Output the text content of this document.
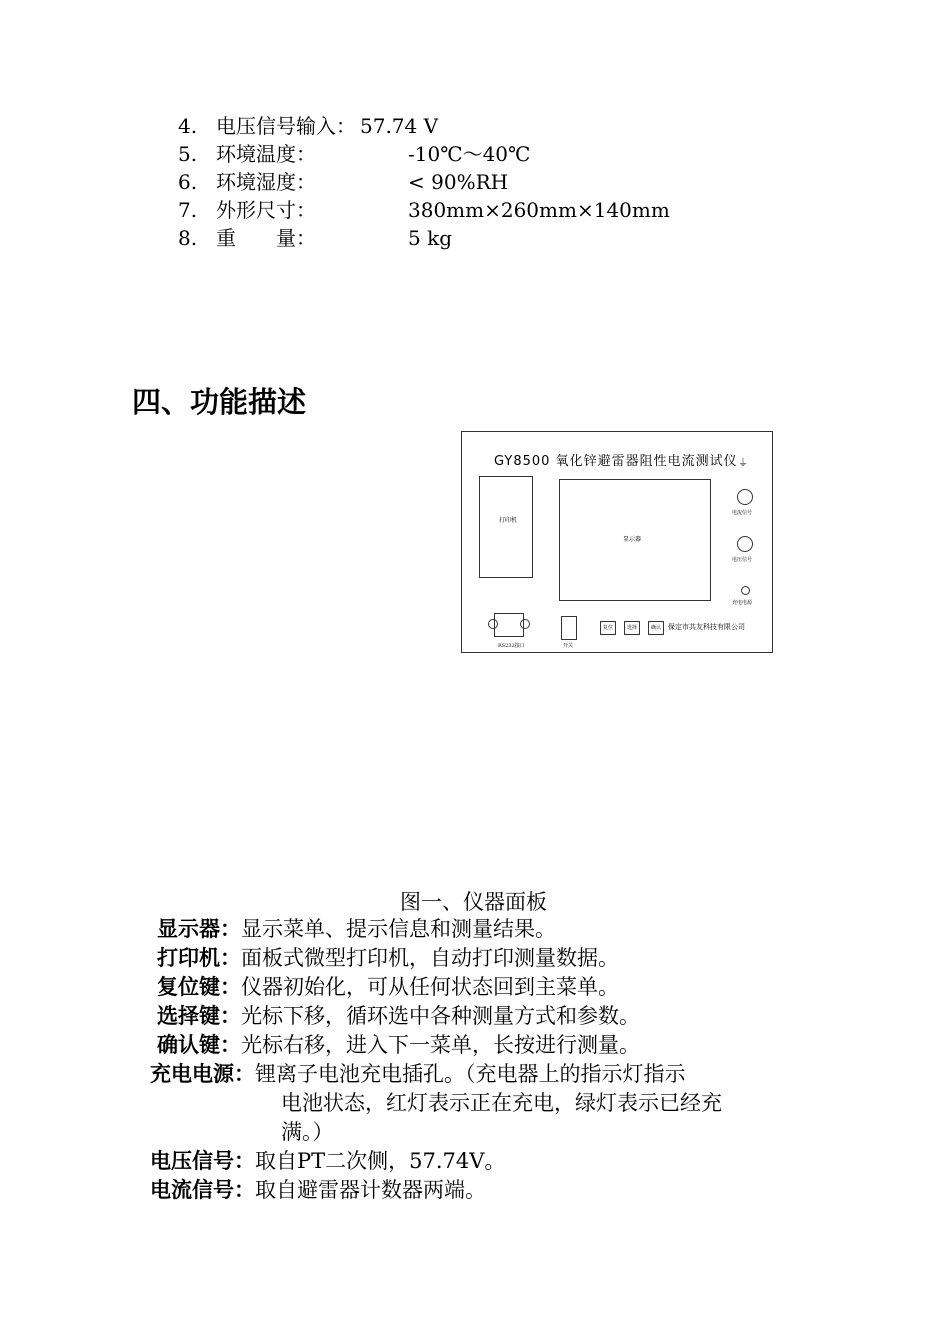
4. 电压信号输入： 57.74 V
5. 环境温度：	-10℃～40℃
6. 环境湿度：	< 90%RH
7. 外形尺寸：	380mm×260mm×140mm
8. 重　　量：	5 kg
四、功能描述
GY8500 氧化锌避雷器阻性电流测试仪 ⏚
打印机
显示器
电流信号
电压信号
充电电源
RS232接口	开关
复位	选择	确认	保定市共友科技有限公司
图一、仪器面板
显示器：显示菜单、提示信息和测量结果。
打印机：面板式微型打印机，自动打印测量数据。
复位键：仪器初始化，可从任何状态回到主菜单。
选择键：光标下移，循环选中各种测量方式和参数。
确认键：光标右移，进入下一菜单，长按进行测量。
充电电源：锂离子电池充电插孔。（充电器上的指示灯指示
电池状态，红灯表示正在充电，绿灯表示已经充
满。）
电压信号：取自PT二次侧，57.74V。
电流信号：取自避雷器计数器两端。
